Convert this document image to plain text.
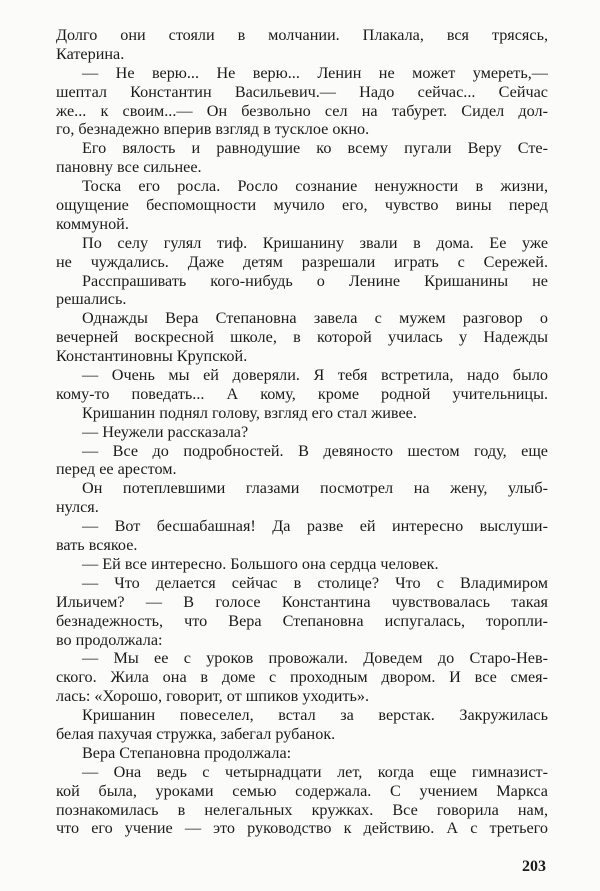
Долго они стояли в молчании. Плакала, вся трясясь,
Катерина.
— Не верю... Не верю... Ленин не может умереть,—
шептал Константин Васильевич.— Надо сейчас... Сейчас
же... к своим...— Он безвольно сел на табурет. Сидел дол-
го, безнадежно вперив взгляд в тусклое окно.
Его вялость и равнодушие ко всему пугали Веру Сте-
пановну все сильнее.
Тоска его росла. Росло сознание ненужности в жизни,
ощущение беспомощности мучило его, чувство вины перед
коммуной.
По селу гулял тиф. Кришанину звали в дома. Ее уже
не чуждались. Даже детям разрешали играть с Сережей.
Расспрашивать кого-нибудь о Ленине Кришанины не
решались.
Однажды Вера Степановна завела с мужем разговор о
вечерней воскресной школе, в которой училась у Надежды
Константиновны Крупской.
— Очень мы ей доверяли. Я тебя встретила, надо было
кому-то поведать... А кому, кроме родной учительницы.
Кришанин поднял голову, взгляд его стал живее.
— Неужели рассказала?
— Все до подробностей. В девяносто шестом году, еще
перед ее арестом.
Он потеплевшими глазами посмотрел на жену, улыб-
нулся.
— Вот бесшабашная! Да разве ей интересно выслуши-
вать всякое.
— Ей все интересно. Большого она сердца человек.
— Что делается сейчас в столице? Что с Владимиром
Ильичем? — В голосе Константина чувствовалась такая
безнадежность, что Вера Степановна испугалась, торопли-
во продолжала:
— Мы ее с уроков провожали. Доведем до Старо-Нев-
ского. Жила она в доме с проходным двором. И все смея-
лась: «Хорошо, говорит, от шпиков уходить».
Кришанин повеселел, встал за верстак. Закружилась
белая пахучая стружка, забегал рубанок.
Вера Степановна продолжала:
— Она ведь с четырнадцати лет, когда еще гимназист-
кой была, уроками семью содержала. С учением Маркса
познакомилась в нелегальных кружках. Все говорила нам,
что его учение — это руководство к действию. А с третьего
203
